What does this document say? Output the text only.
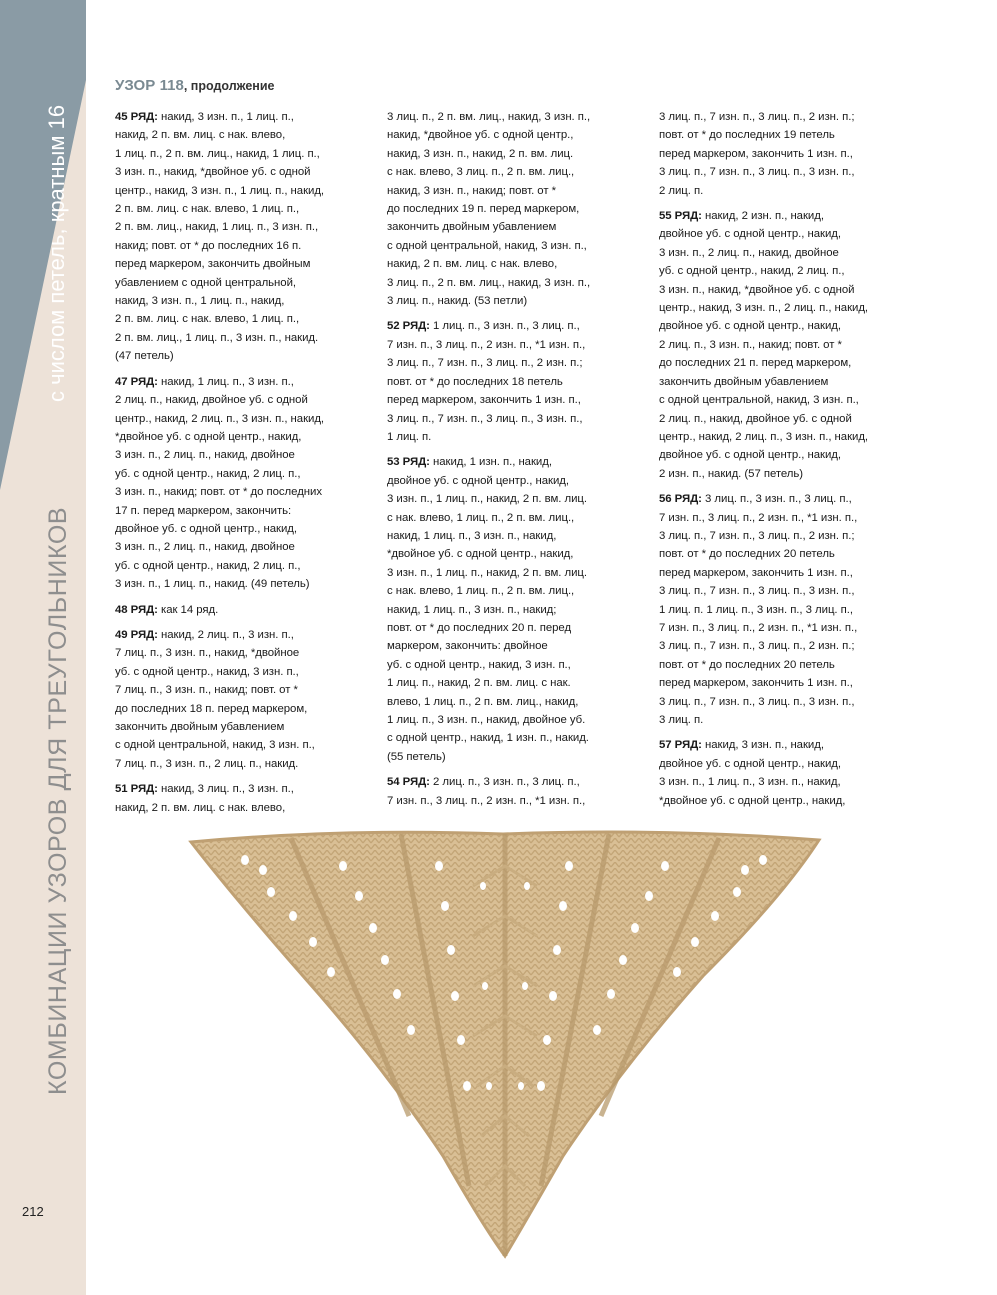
с числом петель, кратным 16
КОМБИНАЦИИ УЗОРОВ ДЛЯ ТРЕУГОЛЬНИКОВ
212
УЗОР 118, продолжение
45 РЯД: накид, 3 изн. п., 1 лиц. п.,
накид, 2 п. вм. лиц. с нак. влево,
1 лиц. п., 2 п. вм. лиц., накид, 1 лиц. п.,
3 изн. п., накид, *двойное уб. с одной
центр., накид, 3 изн. п., 1 лиц. п., накид,
2 п. вм. лиц. с нак. влево, 1 лиц. п.,
2 п. вм. лиц., накид, 1 лиц. п., 3 изн. п.,
накид; повт. от * до последних 16 п.
перед маркером, закончить двойным
убавлением с одной центральной,
накид, 3 изн. п., 1 лиц. п., накид,
2 п. вм. лиц. с нак. влево, 1 лиц. п.,
2 п. вм. лиц., 1 лиц. п., 3 изн. п., накид.
(47 петель)
47 РЯД: накид, 1 лиц. п., 3 изн. п.,
2 лиц. п., накид, двойное уб. с одной
центр., накид, 2 лиц. п., 3 изн. п., накид,
*двойное уб. с одной центр., накид,
3 изн. п., 2 лиц. п., накид, двойное
уб. с одной центр., накид, 2 лиц. п.,
3 изн. п., накид; повт. от * до последних
17 п. перед маркером, закончить:
двойное уб. с одной центр., накид,
3 изн. п., 2 лиц. п., накид, двойное
уб. с одной центр., накид, 2 лиц. п.,
3 изн. п., 1 лиц. п., накид. (49 петель)
48 РЯД: как 14 ряд.
49 РЯД: накид, 2 лиц. п., 3 изн. п.,
7 лиц. п., 3 изн. п., накид, *двойное
уб. с одной центр., накид, 3 изн. п.,
7 лиц. п., 3 изн. п., накид; повт. от *
до последних 18 п. перед маркером,
закончить двойным убавлением
с одной центральной, накид, 3 изн. п.,
7 лиц. п., 3 изн. п., 2 лиц. п., накид.
51 РЯД: накид, 3 лиц. п., 3 изн. п.,
накид, 2 п. вм. лиц. с нак. влево,
3 лиц. п., 2 п. вм. лиц., накид, 3 изн. п.,
накид, *двойное уб. с одной центр.,
накид, 3 изн. п., накид, 2 п. вм. лиц.
с нак. влево, 3 лиц. п., 2 п. вм. лиц.,
накид, 3 изн. п., накид; повт. от *
до последних 19 п. перед маркером,
закончить двойным убавлением
с одной центральной, накид, 3 изн. п.,
накид, 2 п. вм. лиц. с нак. влево,
3 лиц. п., 2 п. вм. лиц., накид, 3 изн. п.,
3 лиц. п., накид. (53 петли)
52 РЯД: 1 лиц. п., 3 изн. п., 3 лиц. п.,
7 изн. п., 3 лиц. п., 2 изн. п., *1 изн. п.,
3 лиц. п., 7 изн. п., 3 лиц. п., 2 изн. п.;
повт. от * до последних 18 петель
перед маркером, закончить 1 изн. п.,
3 лиц. п., 7 изн. п., 3 лиц. п., 3 изн. п.,
1 лиц. п.
53 РЯД: накид, 1 изн. п., накид,
двойное уб. с одной центр., накид,
3 изн. п., 1 лиц. п., накид, 2 п. вм. лиц.
с нак. влево, 1 лиц. п., 2 п. вм. лиц.,
накид, 1 лиц. п., 3 изн. п., накид,
*двойное уб. с одной центр., накид,
3 изн. п., 1 лиц. п., накид, 2 п. вм. лиц.
с нак. влево, 1 лиц. п., 2 п. вм. лиц.,
накид, 1 лиц. п., 3 изн. п., накид;
повт. от * до последних 20 п. перед
маркером, закончить: двойное
уб. с одной центр., накид, 3 изн. п.,
1 лиц. п., накид, 2 п. вм. лиц. с нак.
влево, 1 лиц. п., 2 п. вм. лиц., накид,
1 лиц. п., 3 изн. п., накид, двойное уб.
с одной центр., накид, 1 изн. п., накид.
(55 петель)
54 РЯД: 2 лиц. п., 3 изн. п., 3 лиц. п.,
7 изн. п., 3 лиц. п., 2 изн. п., *1 изн. п.,
3 лиц. п., 7 изн. п., 3 лиц. п., 2 изн. п.;
повт. от * до последних 19 петель
перед маркером, закончить 1 изн. п.,
3 лиц. п., 7 изн. п., 3 лиц. п., 3 изн. п.,
2 лиц. п.
55 РЯД: накид, 2 изн. п., накид,
двойное уб. с одной центр., накид,
3 изн. п., 2 лиц. п., накид, двойное
уб. с одной центр., накид, 2 лиц. п.,
3 изн. п., накид, *двойное уб. с одной
центр., накид, 3 изн. п., 2 лиц. п., накид,
двойное уб. с одной центр., накид,
2 лиц. п., 3 изн. п., накид; повт. от *
до последних 21 п. перед маркером,
закончить двойным убавлением
с одной центральной, накид, 3 изн. п.,
2 лиц. п., накид, двойное уб. с одной
центр., накид, 2 лиц. п., 3 изн. п., накид,
двойное уб. с одной центр., накид,
2 изн. п., накид. (57 петель)
56 РЯД: 3 лиц. п., 3 изн. п., 3 лиц. п.,
7 изн. п., 3 лиц. п., 2 изн. п., *1 изн. п.,
3 лиц. п., 7 изн. п., 3 лиц. п., 2 изн. п.;
повт. от * до последних 20 петель
перед маркером, закончить 1 изн. п.,
3 лиц. п., 7 изн. п., 3 лиц. п., 3 изн. п.,
1 лиц. п. 1 лиц. п., 3 изн. п., 3 лиц. п.,
7 изн. п., 3 лиц. п., 2 изн. п., *1 изн. п.,
3 лиц. п., 7 изн. п., 3 лиц. п., 2 изн. п.;
повт. от * до последних 20 петель
перед маркером, закончить 1 изн. п.,
3 лиц. п., 7 изн. п., 3 лиц. п., 3 изн. п.,
3 лиц. п.
57 РЯД: накид, 3 изн. п., накид,
двойное уб. с одной центр., накид,
3 изн. п., 1 лиц. п., 3 изн. п., накид,
*двойное уб. с одной центр., накид,
